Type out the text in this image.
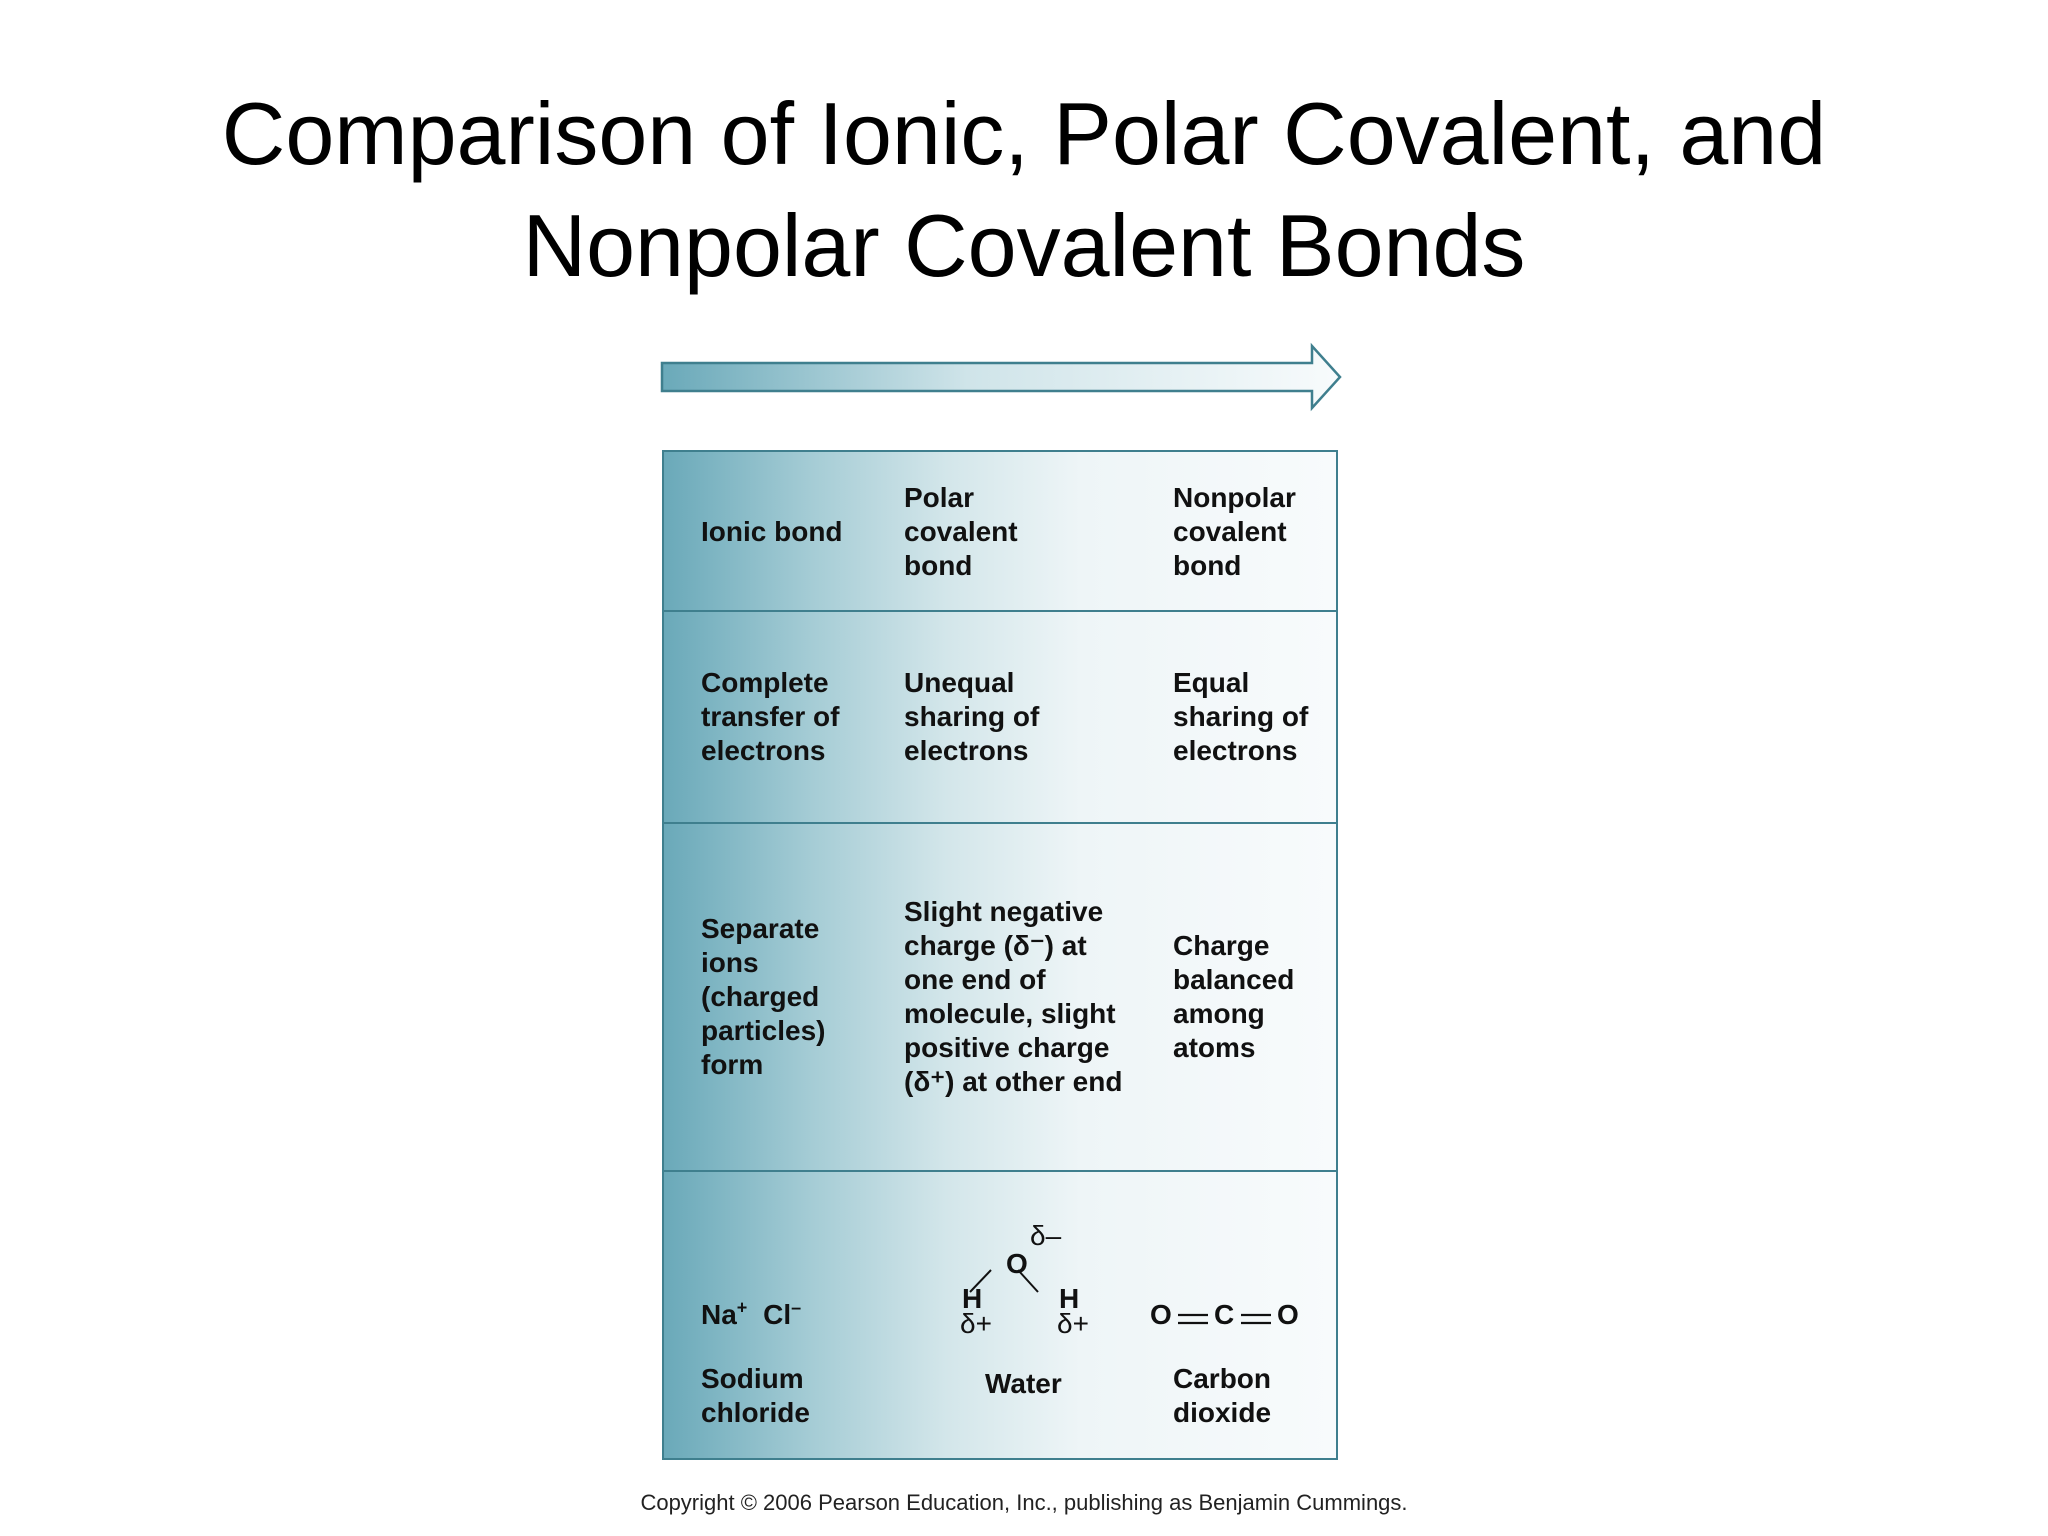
Comparison of Ionic, Polar Covalent, and
Nonpolar Covalent Bonds
Ionic bond
Polar covalent bond
Nonpolar covalent bond
Complete transfer of electrons
Unequal sharing of electrons
Equal sharing of electrons
Separate ions (charged particles) form
Slight negative charge (δ⁻) at one end of molecule, slight positive charge (δ⁺) at other end
Charge balanced among atoms
Na+ Cl–
Sodium chloride
O
δ–
H	H
δ+ δ+
Water
O C O
Carbon dioxide
Copyright © 2006 Pearson Education, Inc., publishing as Benjamin Cummings.
